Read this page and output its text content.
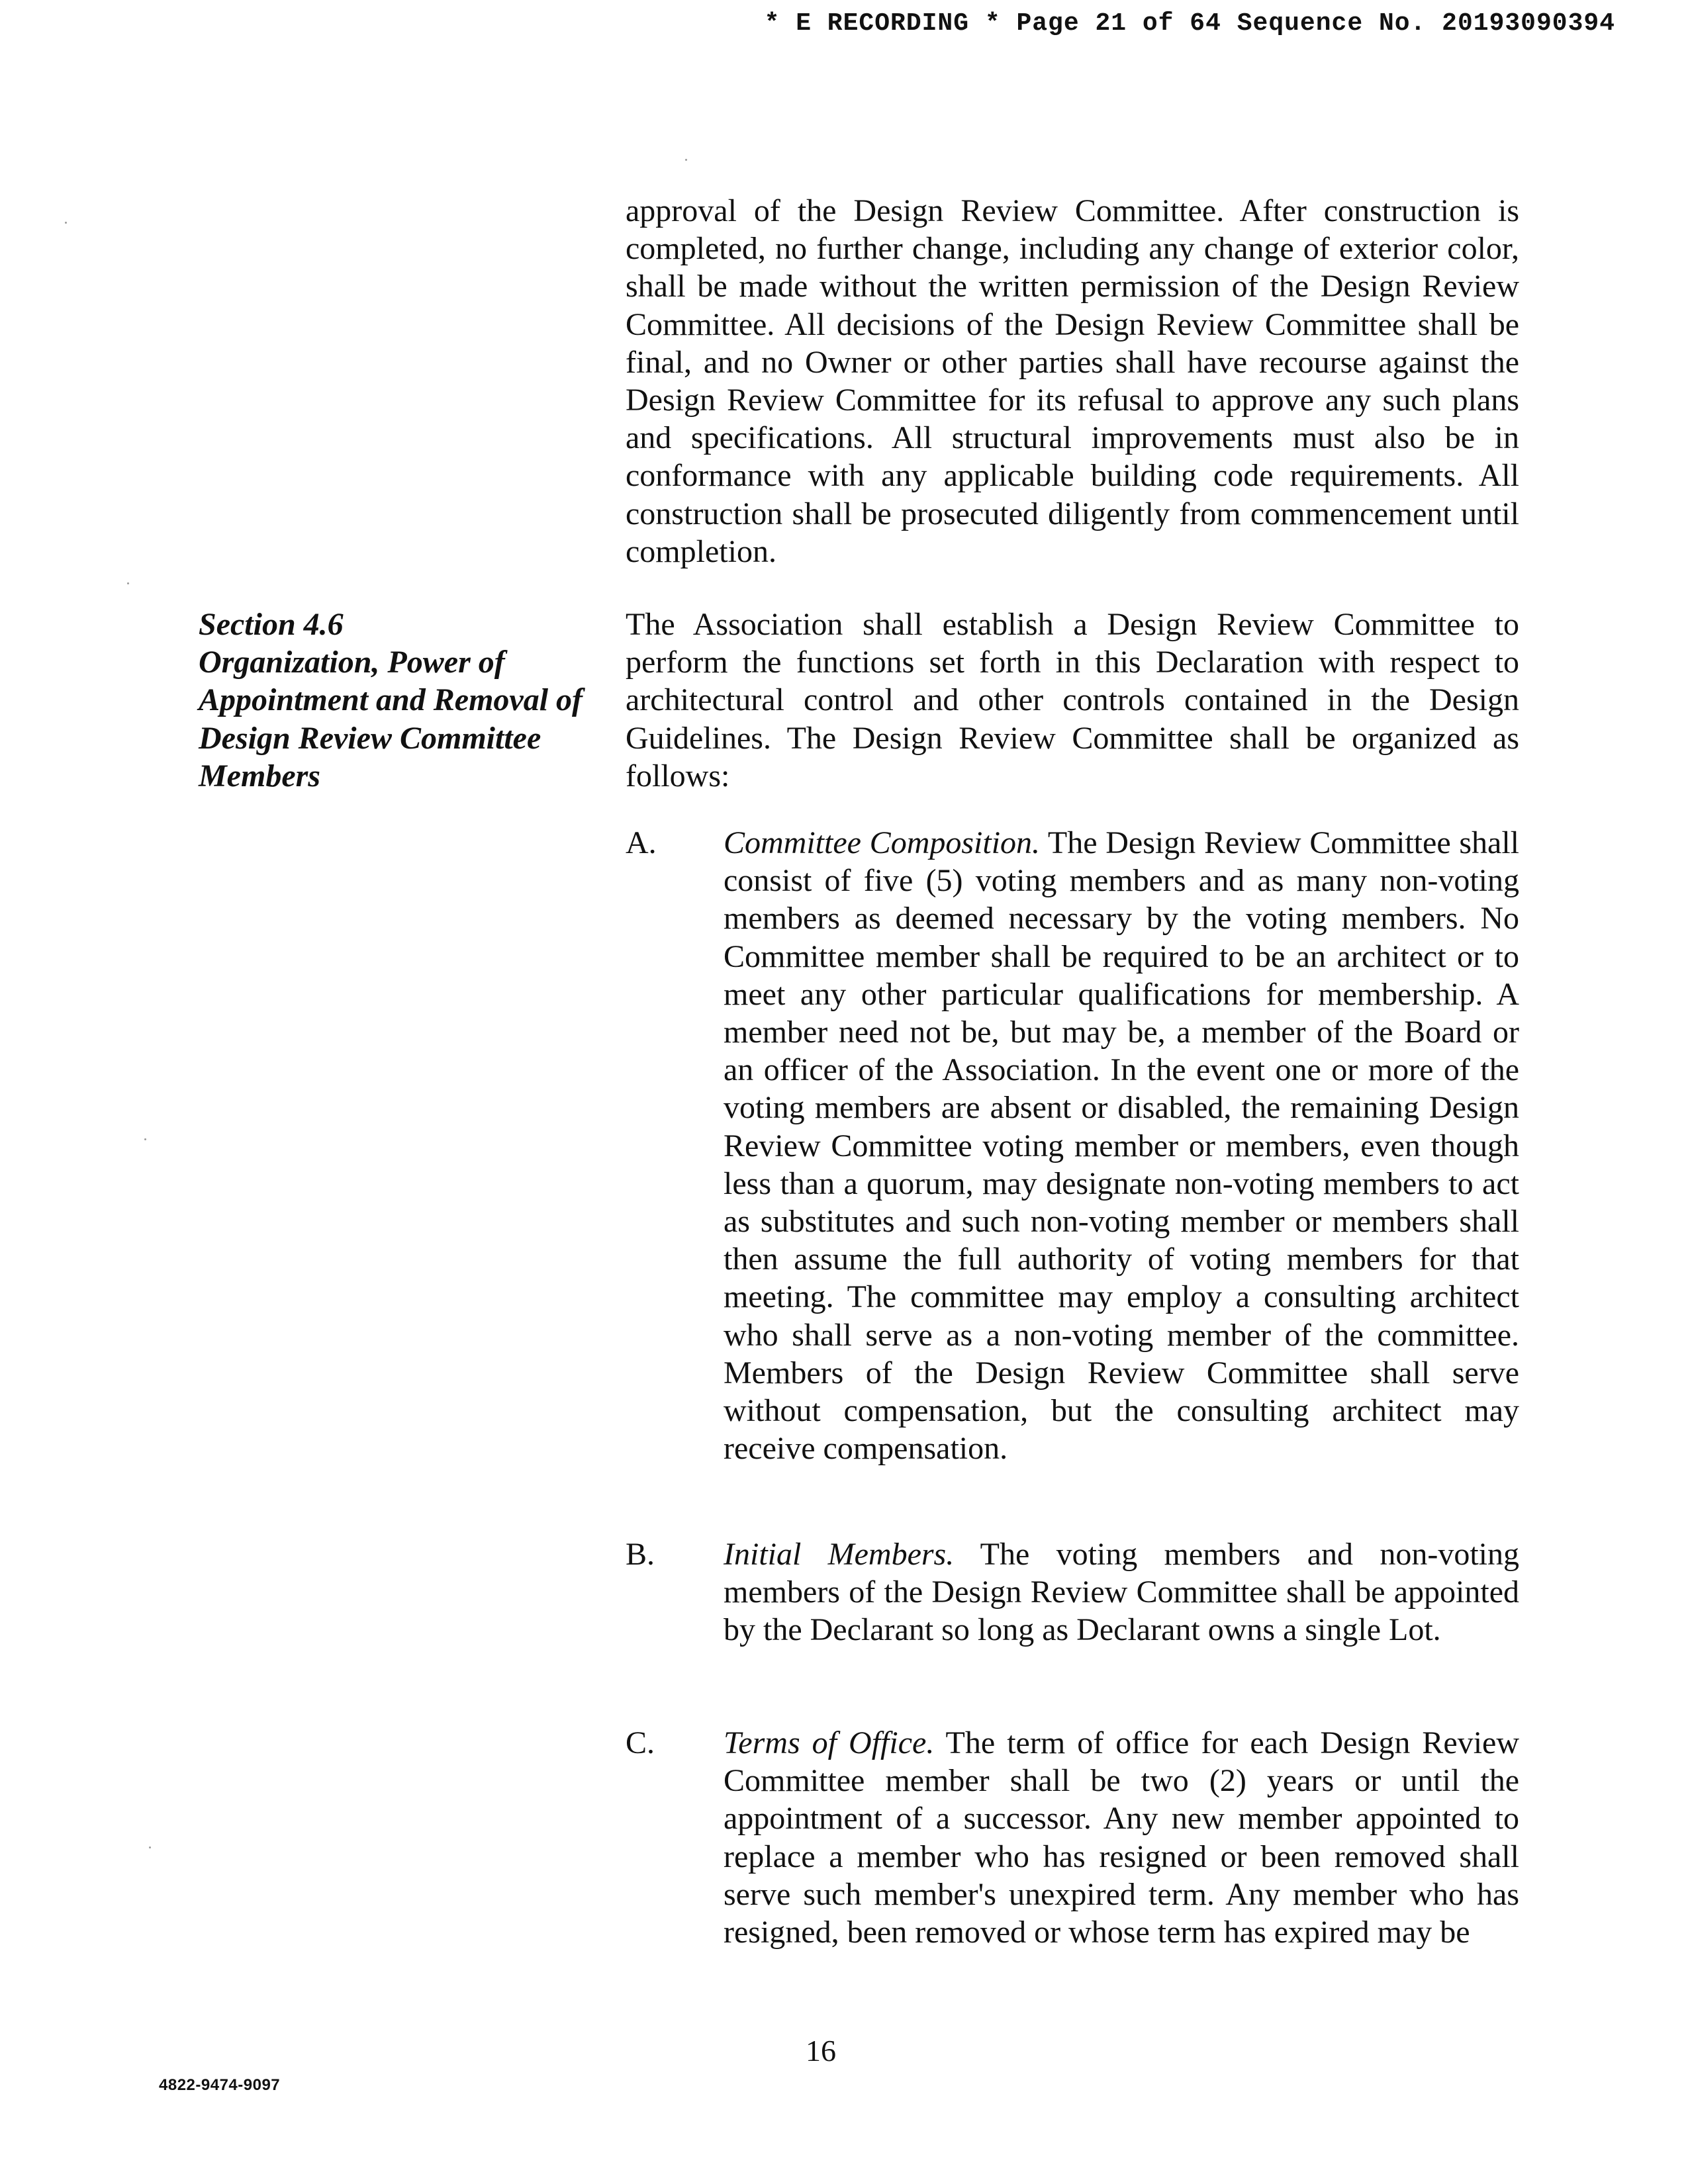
* E RECORDING * Page 21 of 64 Sequence No. 20193090394

approval of the Design Review Committee. After construction is completed, no further change, including any change of exterior color, shall be made without the written permission of the Design Review Committee. All decisions of the Design Review Committee shall be final, and no Owner or other parties shall have recourse against the Design Review Committee for its refusal to approve any such plans and specifications. All structural improvements must also be in conformance with any applicable building code requirements. All construction shall be prosecuted diligently from commencement until completion.

Section 4.6
Organization, Power of Appointment and Removal of Design Review Committee Members

The Association shall establish a Design Review Committee to perform the functions set forth in this Declaration with respect to architectural control and other controls contained in the Design Guidelines. The Design Review Committee shall be organized as follows:

A. Committee Composition. The Design Review Committee shall consist of five (5) voting members and as many non-voting members as deemed necessary by the voting members. No Committee member shall be required to be an architect or to meet any other particular qualifications for membership. A member need not be, but may be, a member of the Board or an officer of the Association. In the event one or more of the voting members are absent or disabled, the remaining Design Review Committee voting member or members, even though less than a quorum, may designate non-voting members to act as substitutes and such non-voting member or members shall then assume the full authority of voting members for that meeting. The committee may employ a consulting architect who shall serve as a non-voting member of the committee. Members of the Design Review Committee shall serve without compensation, but the consulting architect may receive compensation.

B. Initial Members. The voting members and non-voting members of the Design Review Committee shall be appointed by the Declarant so long as Declarant owns a single Lot.

C. Terms of Office. The term of office for each Design Review Committee member shall be two (2) years or until the appointment of a successor. Any new member appointed to replace a member who has resigned or been removed shall serve such member's unexpired term. Any member who has resigned, been removed or whose term has expired may be

16
4822-9474-9097
